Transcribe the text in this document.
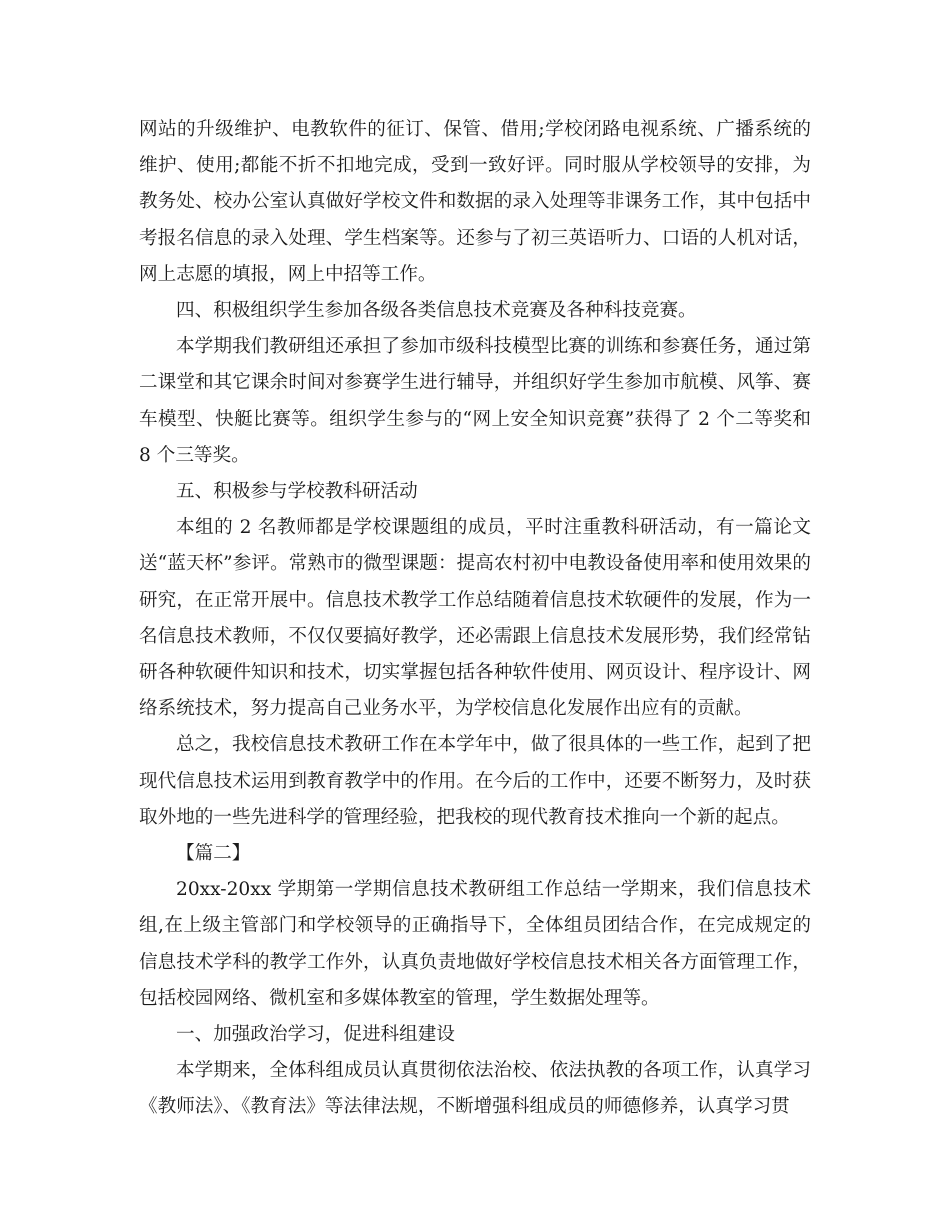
网站的升级维护、电教软件的征订、保管、借用;学校闭路电视系统、广播系统的维护、使用;都能不折不扣地完成，受到一致好评。同时服从学校领导的安排，为教务处、校办公室认真做好学校文件和数据的录入处理等非课务工作，其中包括中考报名信息的录入处理、学生档案等。还参与了初三英语听力、口语的人机对话，网上志愿的填报，网上中招等工作。

四、积极组织学生参加各级各类信息技术竞赛及各种科技竞赛。

本学期我们教研组还承担了参加市级科技模型比赛的训练和参赛任务，通过第二课堂和其它课余时间对参赛学生进行辅导，并组织好学生参加市航模、风筝、赛车模型、快艇比赛等。组织学生参与的“网上安全知识竞赛”获得了 2 个二等奖和 8 个三等奖。

五、积极参与学校教科研活动

本组的 2 名教师都是学校课题组的成员，平时注重教科研活动，有一篇论文送“蓝天杯”参评。常熟市的微型课题：提高农村初中电教设备使用率和使用效果的研究，在正常开展中。信息技术教学工作总结随着信息技术软硬件的发展，作为一名信息技术教师，不仅仅要搞好教学，还必需跟上信息技术发展形势，我们经常钻研各种软硬件知识和技术，切实掌握包括各种软件使用、网页设计、程序设计、网络系统技术，努力提高自己业务水平，为学校信息化发展作出应有的贡献。

总之，我校信息技术教研工作在本学年中，做了很具体的一些工作，起到了把现代信息技术运用到教育教学中的作用。在今后的工作中，还要不断努力，及时获取外地的一些先进科学的管理经验，把我校的现代教育技术推向一个新的起点。

【篇二】

20xx-20xx 学期第一学期信息技术教研组工作总结一学期来，我们信息技术组,在上级主管部门和学校领导的正确指导下，全体组员团结合作，在完成规定的信息技术学科的教学工作外，认真负责地做好学校信息技术相关各方面管理工作，包括校园网络、微机室和多媒体教室的管理，学生数据处理等。

一、加强政治学习，促进科组建设

本学期来，全体科组成员认真贯彻依法治校、依法执教的各项工作，认真学习《教师法》、《教育法》等法律法规，不断增强科组成员的师德修养，认真学习贯
